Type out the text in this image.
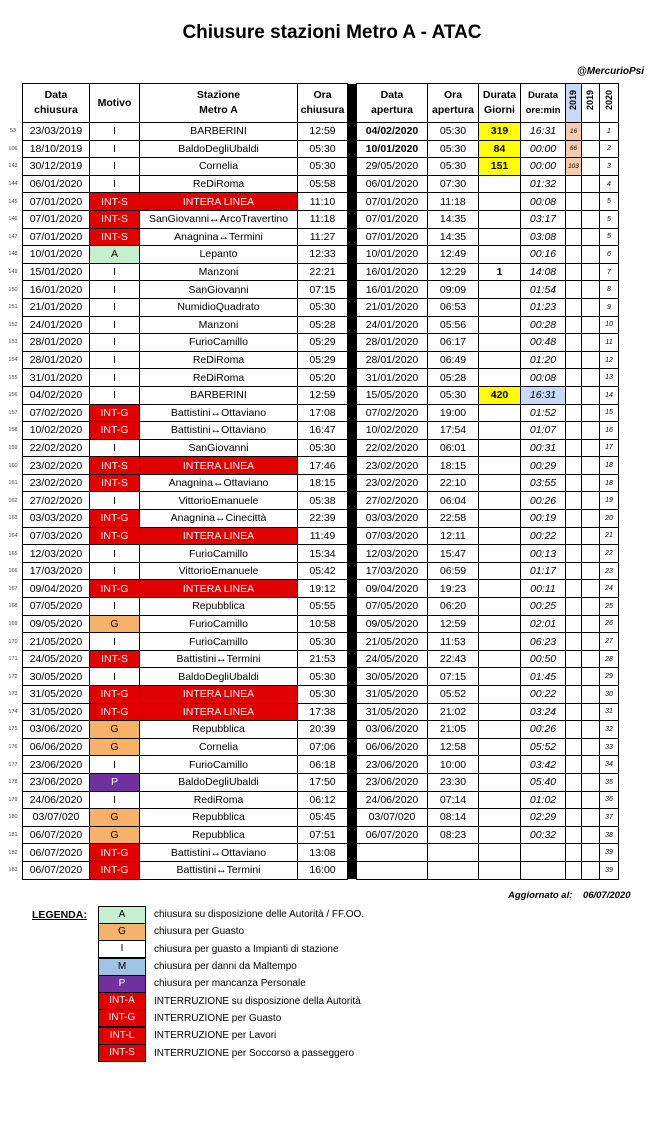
Chiusure stazioni Metro A - ATAC
@MercurioPsi

	Data chiusura	Motivo	Stazione Metro A	Ora chiusura		Data apertura	Ora apertura	Durata Giorni	Durata ore:min	2019	2019	2020
53	23/03/2019	I	BARBERINI	12:59		04/02/2020	05:30	319	16:31	16		1
106	18/10/2019	I	BaldoDegliUbaldi	05:30		10/01/2020	05:30	84	00:00	66		2
143	30/12/2019	I	Cornelia	05:30		29/05/2020	05:30	151	00:00	103		3
144	06/01/2020	I	ReDiRoma	05:58		06/01/2020	07:30		01:32			4
145	07/01/2020	INT-S	INTERA LINEA	11:10		07/01/2020	11:18		00:08			5
146	07/01/2020	INT-S	SanGiovanni↔ArcoTravertino	11:18		07/01/2020	14:35		03:17			5
147	07/01/2020	INT-S	Anagnina↔Termini	11:27		07/01/2020	14:35		03:08			5
148	10/01/2020	A	Lepanto	12:33		10/01/2020	12:49		00:16			6
149	15/01/2020	I	Manzoni	22:21		16/01/2020	12:29	1	14:08			7
150	16/01/2020	I	SanGiovanni	07:15		16/01/2020	09:09		01:54			8
151	21/01/2020	I	NumidioQuadrato	05:30		21/01/2020	06:53		01:23			9
152	24/01/2020	I	Manzoni	05:28		24/01/2020	05:56		00:28			10
153	28/01/2020	I	FurioCamillo	05:29		28/01/2020	06:17		00:48			11
154	28/01/2020	I	ReDiRoma	05:29		28/01/2020	06:49		01:20			12
155	31/01/2020	I	ReDiRoma	05:20		31/01/2020	05:28		00:08			13
156	04/02/2020	I	BARBERINI	12:59		15/05/2020	05:30	420	16:31			14
157	07/02/2020	INT-G	Battistini↔Ottaviano	17:08		07/02/2020	19:00		01:52			15
158	10/02/2020	INT-G	Battistini↔Ottaviano	16:47		10/02/2020	17:54		01:07			16
159	22/02/2020	I	SanGiovanni	05:30		22/02/2020	06:01		00:31			17
160	23/02/2020	INT-S	INTERA LINEA	17:46		23/02/2020	18:15		00:29			18
161	23/02/2020	INT-S	Anagnina↔Ottaviano	18:15		23/02/2020	22:10		03:55			18
162	27/02/2020	I	VittorioEmanuele	05:38		27/02/2020	06:04		00:26			19
163	03/03/2020	INT-G	Anagnina↔Cinecittà	22:39		03/03/2020	22:58		00:19			20
164	07/03/2020	INT-G	INTERA LINEA	11:49		07/03/2020	12:11		00:22			21
165	12/03/2020	I	FurioCamillo	15:34		12/03/2020	15:47		00:13			22
166	17/03/2020	I	VittorioEmanuele	05:42		17/03/2020	06:59		01:17			23
167	09/04/2020	INT-G	INTERA LINEA	19:12		09/04/2020	19:23		00:11			24
168	07/05/2020	I	Repubblica	05:55		07/05/2020	06:20		00:25			25
169	09/05/2020	G	FurioCamillo	10:58		09/05/2020	12:59		02:01			26
170	21/05/2020	I	FurioCamillo	05:30		21/05/2020	11:53		06:23			27
171	24/05/2020	INT-S	Battistini↔Termini	21:53		24/05/2020	22:43		00:50			28
172	30/05/2020	I	BaldoDegliUbaldi	05:30		30/05/2020	07:15		01:45			29
173	31/05/2020	INT-G	INTERA LINEA	05:30		31/05/2020	05:52		00:22			30
174	31/05/2020	INT-G	INTERA LINEA	17:38		31/05/2020	21:02		03:24			31
175	03/06/2020	G	Repubblica	20:39		03/06/2020	21:05		00:26			32
176	06/06/2020	G	Cornelia	07:06		06/06/2020	12:58		05:52			33
177	23/06/2020	I	FurioCamillo	06:18		23/06/2020	10:00		03:42			34
178	23/06/2020	P	BaldoDegliUbaldi	17:50		23/06/2020	23:30		05:40			35
179	24/06/2020	I	RediRoma	06:12		24/06/2020	07:14		01:02			36
180	03/07/020	G	Repubblica	05:45		03/07/020	08:14		02:29			37
181	06/07/2020	G	Repubblica	07:51		06/07/2020	08:23		00:32			38
182	06/07/2020	INT-G	Battistini↔Ottaviano	13:08								39
183	06/07/2020	INT-G	Battistini↔Termini	16:00								39
Aggiornato al: 06/07/2020
LEGENDA:	A	chiusura su disposizione delle Autorità / FF.OO.
G	chiusura per Guasto
I	chiusura per guasto a Impianti di stazione
M	chiusura per danni da Maltempo
P	chiusura per mancanza Personale
INT-A	INTERRUZIONE su disposizione della Autorità
INT-G	INTERRUZIONE per Guasto
INT-L	INTERRUZIONE per Lavori
INT-S	INTERRUZIONE per Soccorso a passeggero
